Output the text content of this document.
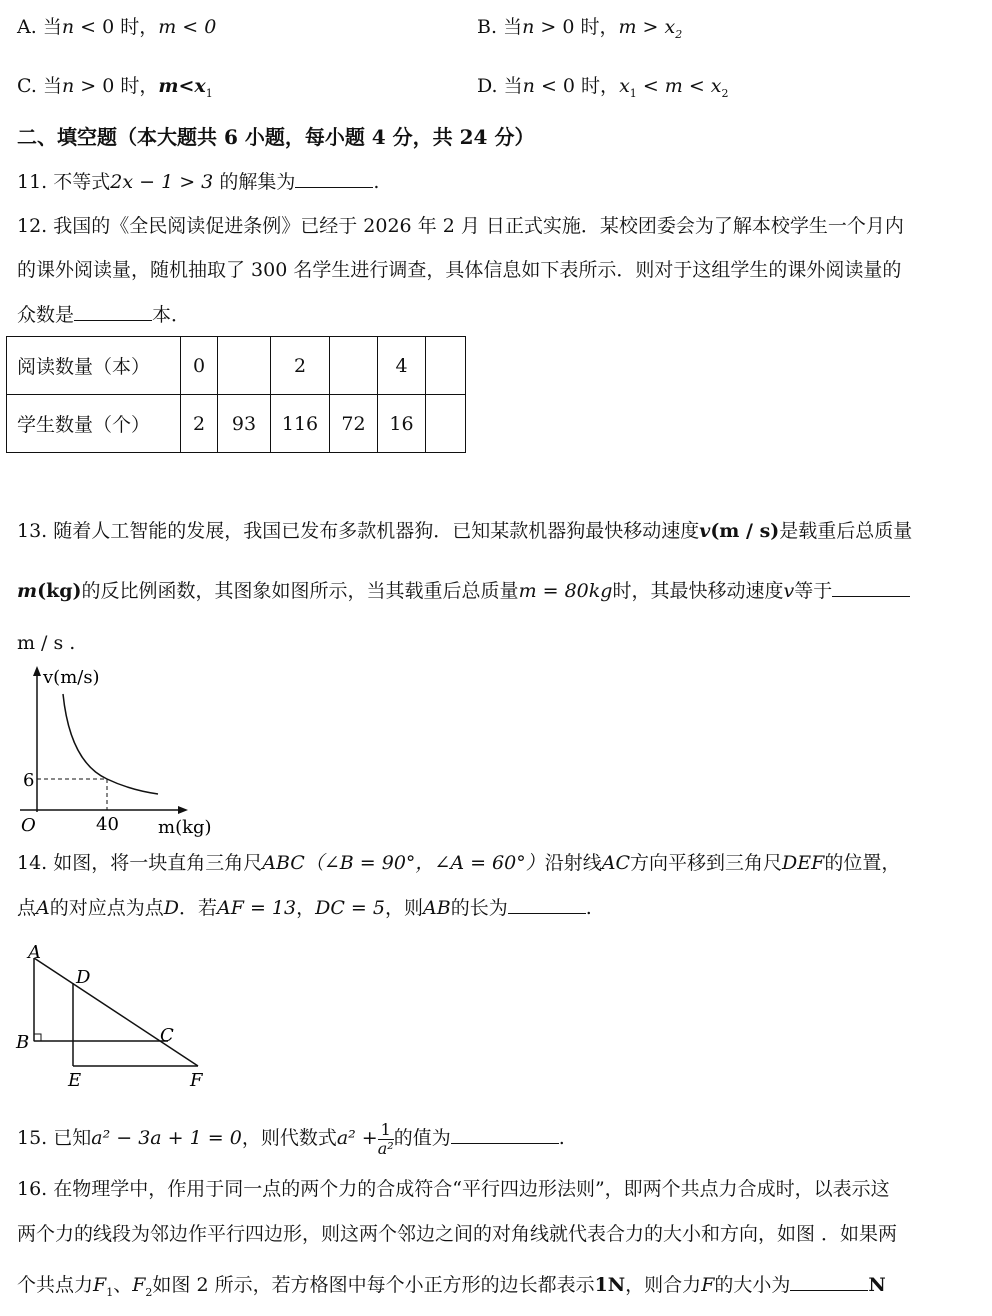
A. 当n < 0 时，m < 0	B. 当n > 0 时，$m > x_2$
C. 当n > 0 时，$m<x_1$	D. 当n < 0 时，$x_1 < m < x_2$
二、填空题（本大题共 6 小题，每小题 4 分，共 24 分）
11. 不等式2x − 1 > 3 的解集为	.
12. 我国的《全民阅读促进条例》已经于 2026 年 2 月 日正式实施．某校团委会为了解本校学生一个月内
的课外阅读量，随机抽取了 300 名学生进行调查，具体信息如下表所示．则对于这组学生的课外阅读量的
众数是	本．
阅读数量（本）	0		2		4	
学生数量（个）	2	93	116	72	16	
13. 随着人工智能的发展，我国已发布多款机器狗．已知某款机器狗最快移动速度v(m / s)是载重后总质量
m(kg)的反比例函数，其图象如图所示，当其载重后总质量m = 80kg时，其最快移动速度v等于
m / s .
v(m/s)
m(kg)
O
6
40
14. 如图，将一块直角三角尺ABC（∠B = 90°，∠A = 60°）沿射线AC方向平移到三角尺DEF的位置，
点A的对应点为点D．若AF = 13，DC = 5，则AB的长为	.
A
B	C
D
E	F
15. 已知a² − 3a + 1 = 0，则代数式$a^2 + \frac{1}{\text{a²}}$ 的值为	.
16. 在物理学中，作用于同一点的两个力的合成符合“平行四边形法则”，即两个共点力合成时，以表示这
两个力的线段为邻边作平行四边形，则这两个邻边之间的对角线就代表合力的大小和方向，如图 ．如果两
个共点力$F_1$、$F_2$如图 2 所示，若方格图中每个小正方形的边长都表示1N，则合力F的大小为	N
